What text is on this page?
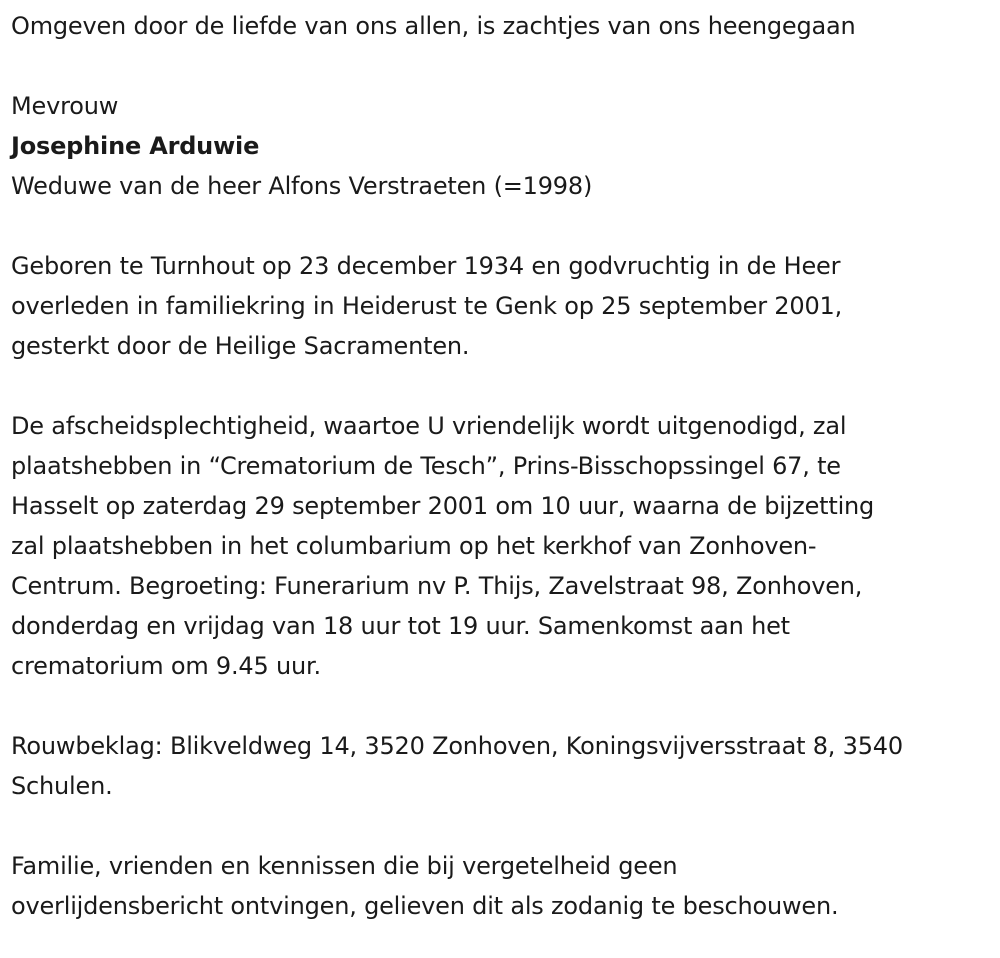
Omgeven door de liefde van ons allen, is zachtjes van ons heengegaan
Mevrouw
Josephine Arduwie
Weduwe van de heer Alfons Verstraeten (=1998)
Geboren te Turnhout op 23 december 1934 en godvruchtig in de Heer
overleden in familiekring in Heiderust te Genk op 25 september 2001,
gesterkt door de Heilige Sacramenten.
De afscheidsplechtigheid, waartoe U vriendelijk wordt uitgenodigd, zal
plaatshebben in “Crematorium de Tesch”, Prins-Bisschopssingel 67, te
Hasselt op zaterdag 29 september 2001 om 10 uur, waarna de bijzetting
zal plaatshebben in het columbarium op het kerkhof van Zonhoven-
Centrum. Begroeting: Funerarium nv P. Thijs, Zavelstraat 98, Zonhoven,
donderdag en vrijdag van 18 uur tot 19 uur. Samenkomst aan het
crematorium om 9.45 uur.
Rouwbeklag: Blikveldweg 14, 3520 Zonhoven, Koningsvijversstraat 8, 3540
Schulen.
Familie, vrienden en kennissen die bij vergetelheid geen
overlijdensbericht ontvingen, gelieven dit als zodanig te beschouwen.
